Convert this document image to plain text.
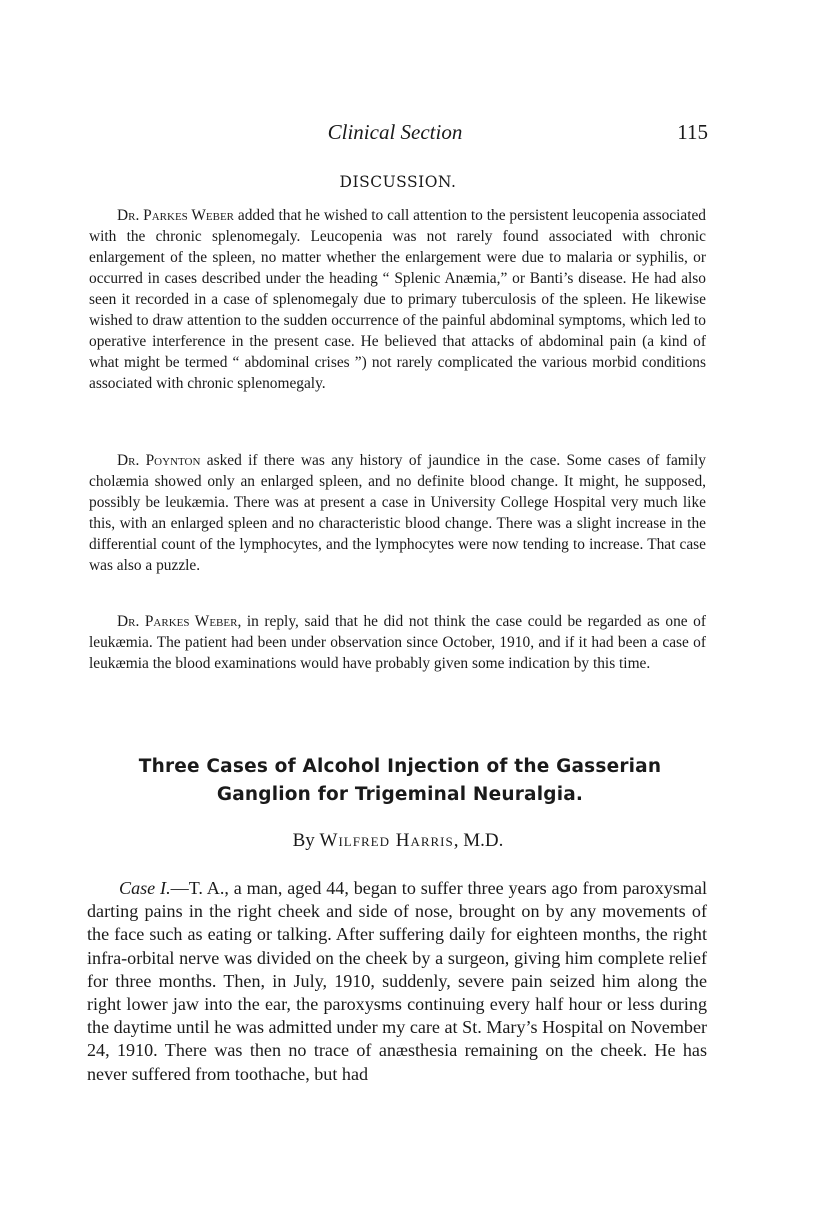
Clinical Section	115
DISCUSSION.

Dr. Parkes Weber added that he wished to call attention to the persistent leucopenia associated with the chronic splenomegaly. Leucopenia was not rarely found associated with chronic enlargement of the spleen, no matter whether the enlargement were due to malaria or syphilis, or occurred in cases described under the heading “ Splenic Anæmia,” or Banti’s disease. He had also seen it recorded in a case of splenomegaly due to primary tuberculosis of the spleen. He likewise wished to draw attention to the sudden occurrence of the painful abdominal symptoms, which led to operative interference in the present case. He believed that attacks of abdominal pain (a kind of what might be termed “ abdominal crises ”) not rarely complicated the various morbid conditions associated with chronic splenomegaly.

Dr. Poynton asked if there was any history of jaundice in the case. Some cases of family cholæmia showed only an enlarged spleen, and no definite blood change. It might, he supposed, possibly be leukæmia. There was at present a case in University College Hospital very much like this, with an enlarged spleen and no characteristic blood change. There was a slight increase in the differential count of the lymphocytes, and the lymphocytes were now tending to increase. That case was also a puzzle.

Dr. Parkes Weber, in reply, said that he did not think the case could be regarded as one of leukæmia. The patient had been under observation since October, 1910, and if it had been a case of leukæmia the blood examinations would have probably given some indication by this time.

Three Cases of Alcohol Injection of the Gasserian
Ganglion for Trigeminal Neuralgia.
By Wilfred Harris, M.D.

Case I.—T. A., a man, aged 44, began to suffer three years ago from paroxysmal darting pains in the right cheek and side of nose, brought on by any movements of the face such as eating or talking. After suffering daily for eighteen months, the right infra-orbital nerve was divided on the cheek by a surgeon, giving him complete relief for three months. Then, in July, 1910, suddenly, severe pain seized him along the right lower jaw into the ear, the paroxysms continuing every half hour or less during the daytime until he was admitted under my care at St. Mary’s Hospital on November 24, 1910. There was then no trace of anæsthesia remaining on the cheek. He has never suffered from toothache, but had
